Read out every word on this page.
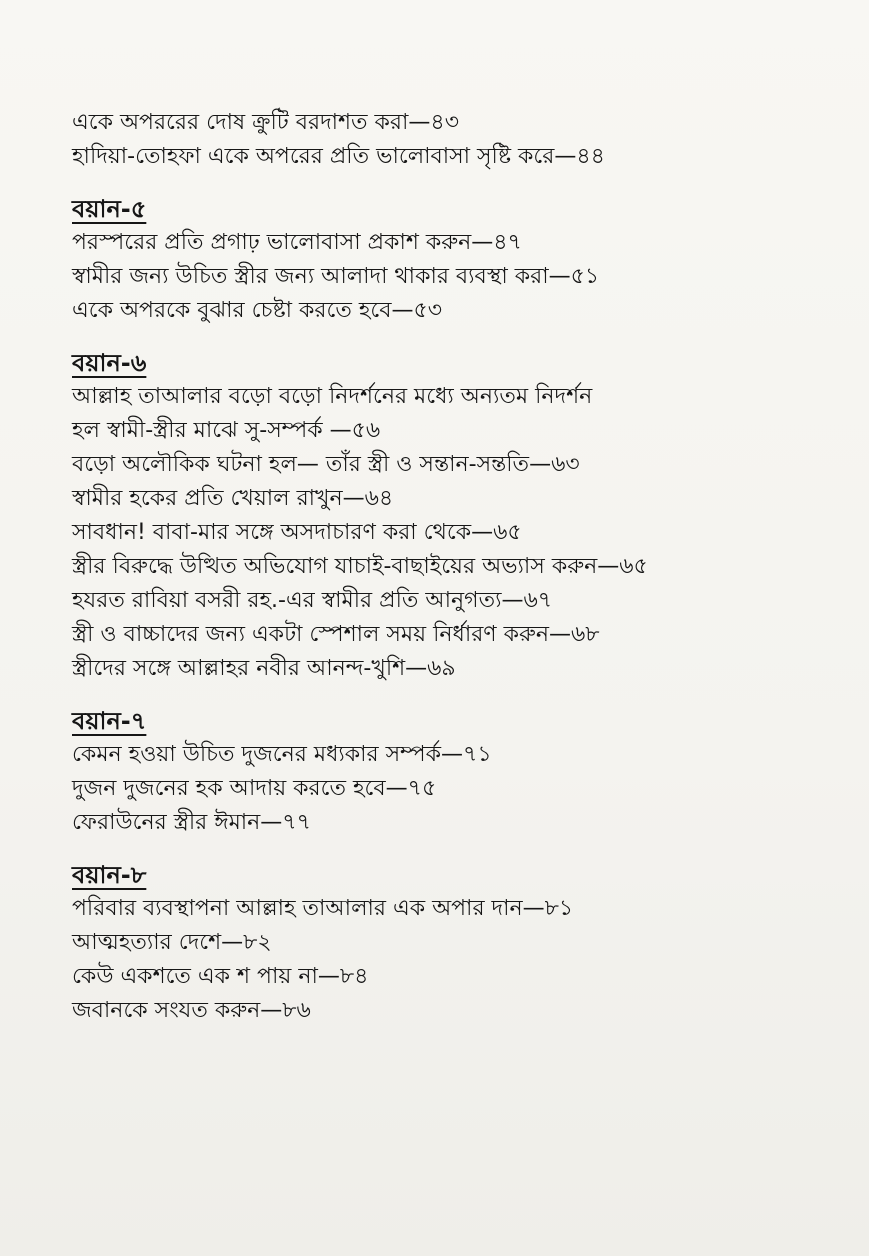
একে অপররের দোষ ক্রুটি বরদাশত করা—৪৩

হাদিয়া-তোহফা একে অপরের প্রতি ভালোবাসা সৃষ্টি করে—৪৪

বয়ান-৫

পরস্পরের প্রতি প্রগাঢ় ভালোবাসা প্রকাশ করুন—৪৭

স্বামীর জন্য উচিত স্ত্রীর জন্য আলাদা থাকার ব্যবস্থা করা—৫১

একে অপরকে বুঝার চেষ্টা করতে হবে—৫৩

বয়ান-৬

আল্লাহ তাআলার বড়ো বড়ো নিদর্শনের মধ্যে অন্যতম নিদর্শন

হল স্বামী-স্ত্রীর মাঝে সু-সম্পর্ক —৫৬

বড়ো অলৌকিক ঘটনা হল— তাঁর স্ত্রী ও সন্তান-সন্ততি—৬৩

স্বামীর হকের প্রতি খেয়াল রাখুন—৬৪

সাবধান! বাবা-মার সঙ্গে অসদাচারণ করা থেকে—৬৫

স্ত্রীর বিরুদ্ধে উত্থিত অভিযোগ যাচাই-বাছাইয়ের অভ্যাস করুন—৬৫

হযরত রাবিয়া বসরী রহ.-এর স্বামীর প্রতি আনুগত্য—৬৭

স্ত্রী ও বাচ্চাদের জন্য একটা স্পেশাল সময় নির্ধারণ করুন—৬৮

স্ত্রীদের সঙ্গে আল্লাহর নবীর আনন্দ-খুশি—৬৯

বয়ান-৭

কেমন হওয়া উচিত দুজনের মধ্যকার সম্পর্ক—৭১

দুজন দুজনের হক আদায় করতে হবে—৭৫

ফেরাউনের স্ত্রীর ঈমান—৭৭

বয়ান-৮

পরিবার ব্যবস্থাপনা আল্লাহ তাআলার এক অপার দান—৮১

আত্মহত্যার দেশে—৮২

কেউ একশতে এক শ পায় না—৮৪

জবানকে সংযত করুন—৮৬
